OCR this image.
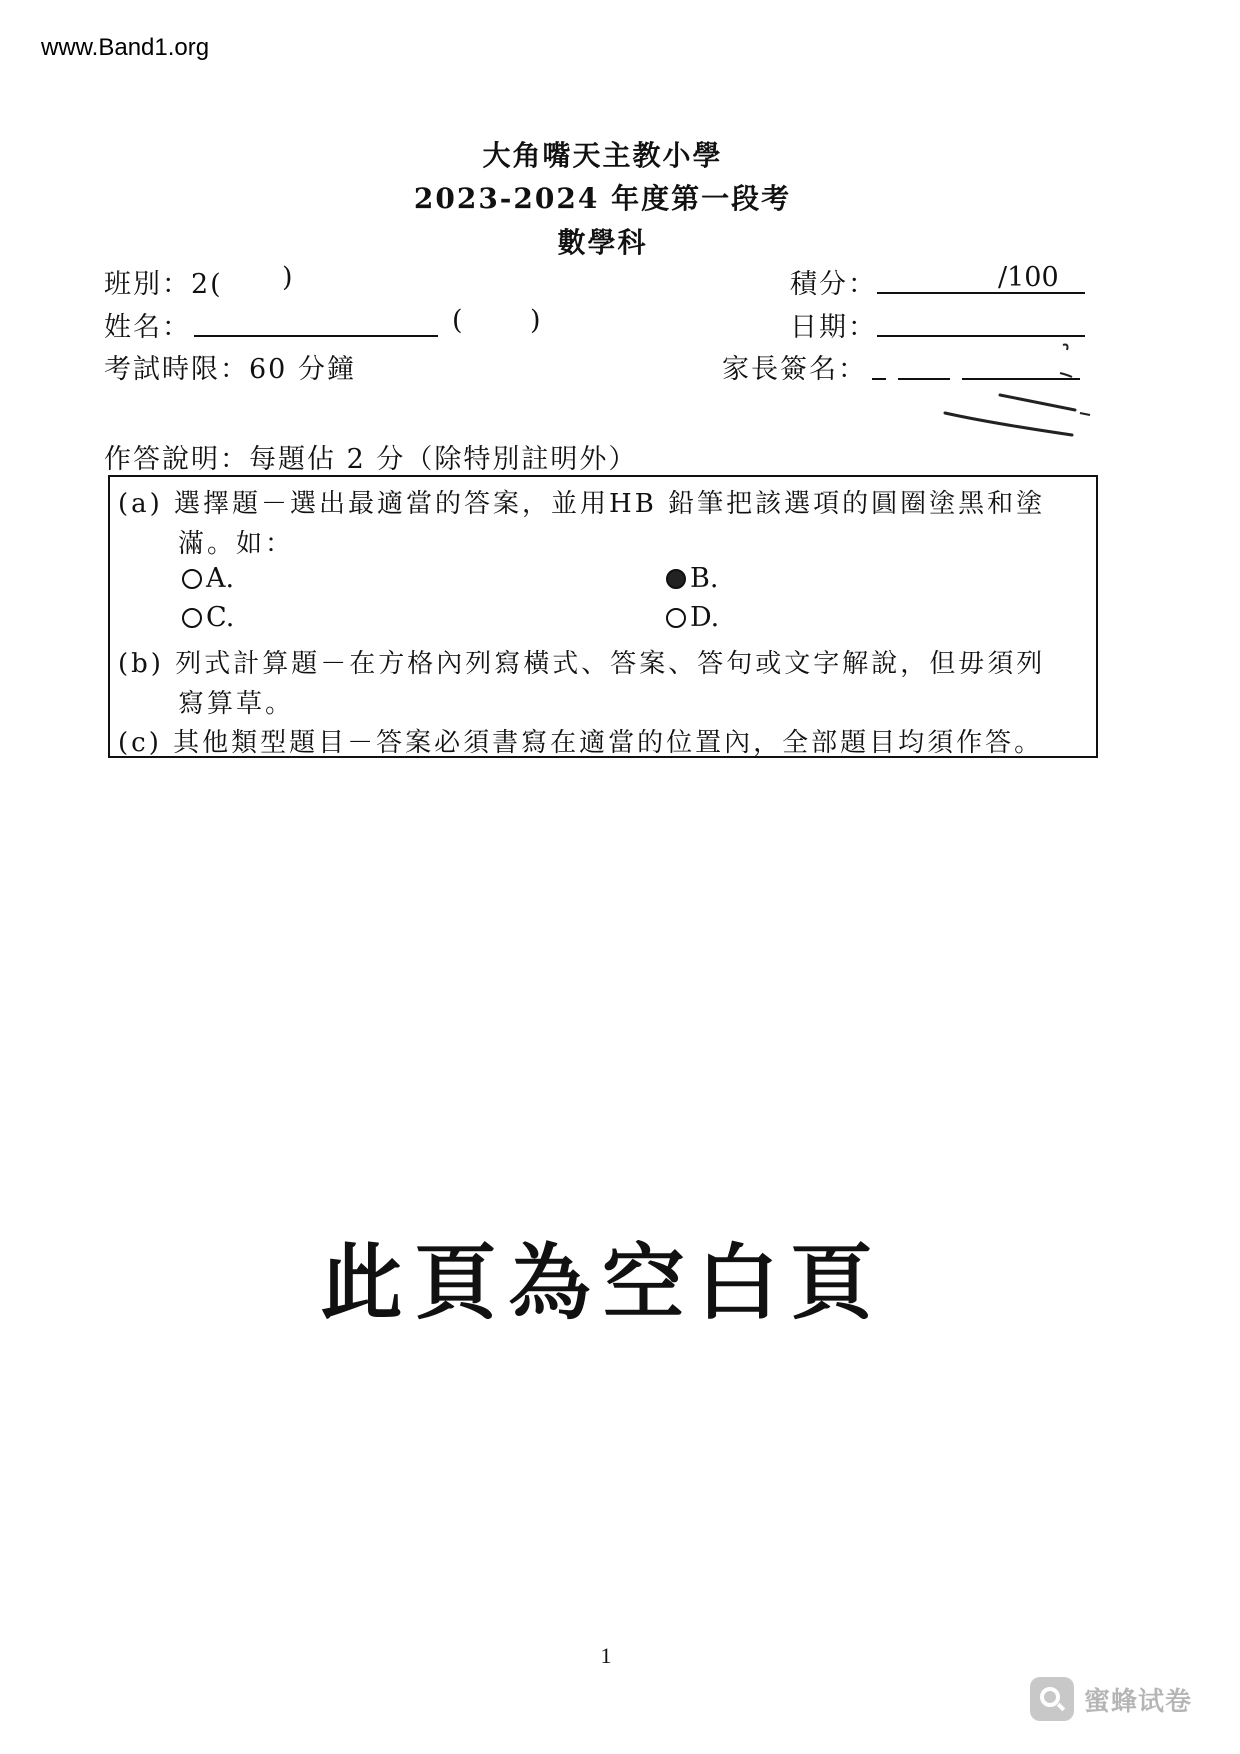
www.Band1.org
大角嘴天主教小學
2023-2024 年度第一段考
數學科
班別：2( )
姓名：	( )
考試時限：60 分鐘
積分：	/100
日期：
家長簽名：
作答說明：每題佔 2 分（除特別註明外）
(a) 選擇題－選出最適當的答案，並用HB 鉛筆把該選項的圓圈塗黑和塗
滿。如：
A.	B.
C.	D.
(b) 列式計算題－在方格內列寫橫式、答案、答句或文字解說，但毋須列
寫算草。
(c) 其他類型題目－答案必須書寫在適當的位置內，全部題目均須作答。
此頁為空白頁
1
蜜蜂试卷
